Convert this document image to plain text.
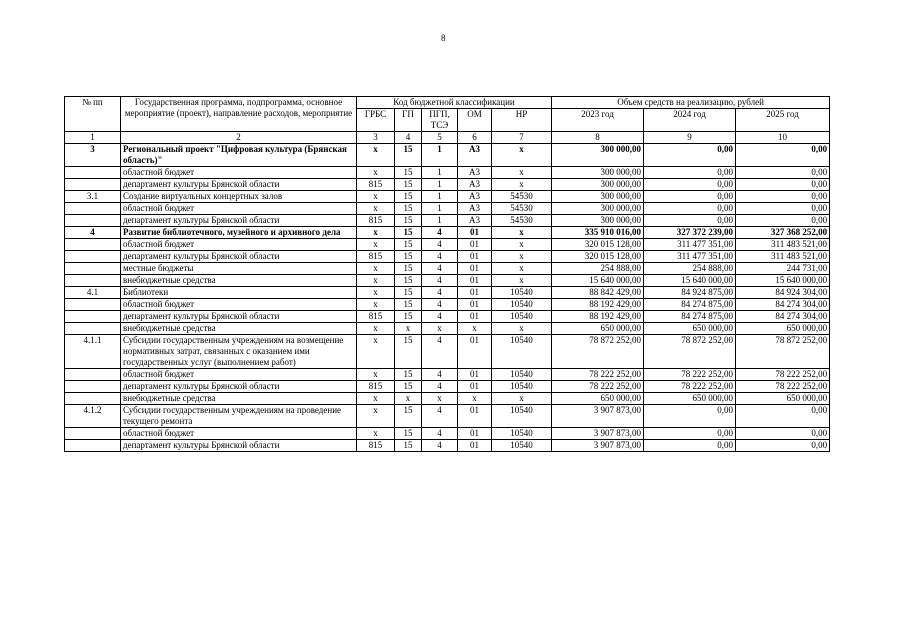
8
№ пп	Государственная программа, подпрограмма, основное мероприятие (проект), направление расходов, мероприятие	Код бюджетной классификации					Объем средств на реализацию, рублей		
		ГРБС	ГП	ПГП, ТСЭ	ОМ	НР	2023 год	2024 год	2025 год
1	2	3	4	5	6	7	8	9	10
3	Региональный проект "Цифровая культура (Брянская область)"	x	15	1	A3	x	300 000,00	0,00	0,00
	областной бюджет	x	15	1	A3	x	300 000,00	0,00	0,00
	департамент культуры Брянской области	815	15	1	A3	x	300 000,00	0,00	0,00
3.1	Создание виртуальных концертных залов	x	15	1	A3	54530	300 000,00	0,00	0,00
	областной бюджет	x	15	1	A3	54530	300 000,00	0,00	0,00
	департамент культуры Брянской области	815	15	1	A3	54530	300 000,00	0,00	0,00
4	Развитие библиотечного, музейного и архивного дела	x	15	4	01	x	335 910 016,00	327 372 239,00	327 368 252,00
	областной бюджет	x	15	4	01	x	320 015 128,00	311 477 351,00	311 483 521,00
	департамент культуры Брянской области	815	15	4	01	x	320 015 128,00	311 477 351,00	311 483 521,00
	местные бюджеты	x	15	4	01	x	254 888,00	254 888,00	244 731,00
	внебюджетные средства	x	15	4	01	x	15 640 000,00	15 640 000,00	15 640 000,00
4.1	Библиотеки	x	15	4	01	10540	88 842 429,00	84 924 875,00	84 924 304,00
	областной бюджет	x	15	4	01	10540	88 192 429,00	84 274 875,00	84 274 304,00
	департамент культуры Брянской области	815	15	4	01	10540	88 192 429,00	84 274 875,00	84 274 304,00
	внебюджетные средства	x	x	x	x	x	650 000,00	650 000,00	650 000,00
4.1.1	Субсидии государственным учреждениям на возмещение нормативных затрат, связанных с оказанием ими государственных услуг (выполнением работ)	x	15	4	01	10540	78 872 252,00	78 872 252,00	78 872 252,00
	областной бюджет	x	15	4	01	10540	78 222 252,00	78 222 252,00	78 222 252,00
	департамент культуры Брянской области	815	15	4	01	10540	78 222 252,00	78 222 252,00	78 222 252,00
	внебюджетные средства	x	x	x	x	x	650 000,00	650 000,00	650 000,00
4.1.2	Субсидии государственным учреждениям на проведение текущего ремонта	x	15	4	01	10540	3 907 873,00	0,00	0,00
	областной бюджет	x	15	4	01	10540	3 907 873,00	0,00	0,00
	департамент культуры Брянской области	815	15	4	01	10540	3 907 873,00	0,00	0,00
